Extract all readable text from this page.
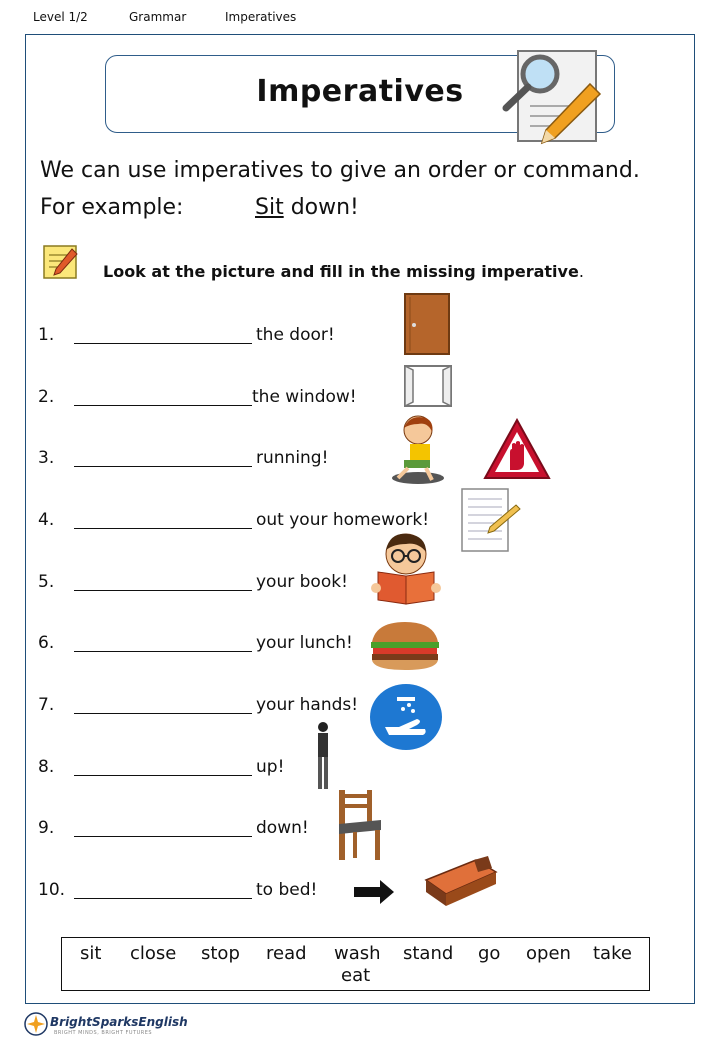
Level 1/2	Grammar	Imperatives
Imperatives
We can use imperatives to give an order or command.
For example:	Sit down!
Look at the picture and fill in the missing imperative.
1.	the door!
2.	the window!
3.	running!
4.	out your homework!
5.	your book!
6.	your lunch!
7.	your hands!
8.	up!
9.	down!
10.	to bed!
sit close stop read wash stand go open take
eat
BrightSparksEnglish
BRIGHT MINDS, BRIGHT FUTURES
